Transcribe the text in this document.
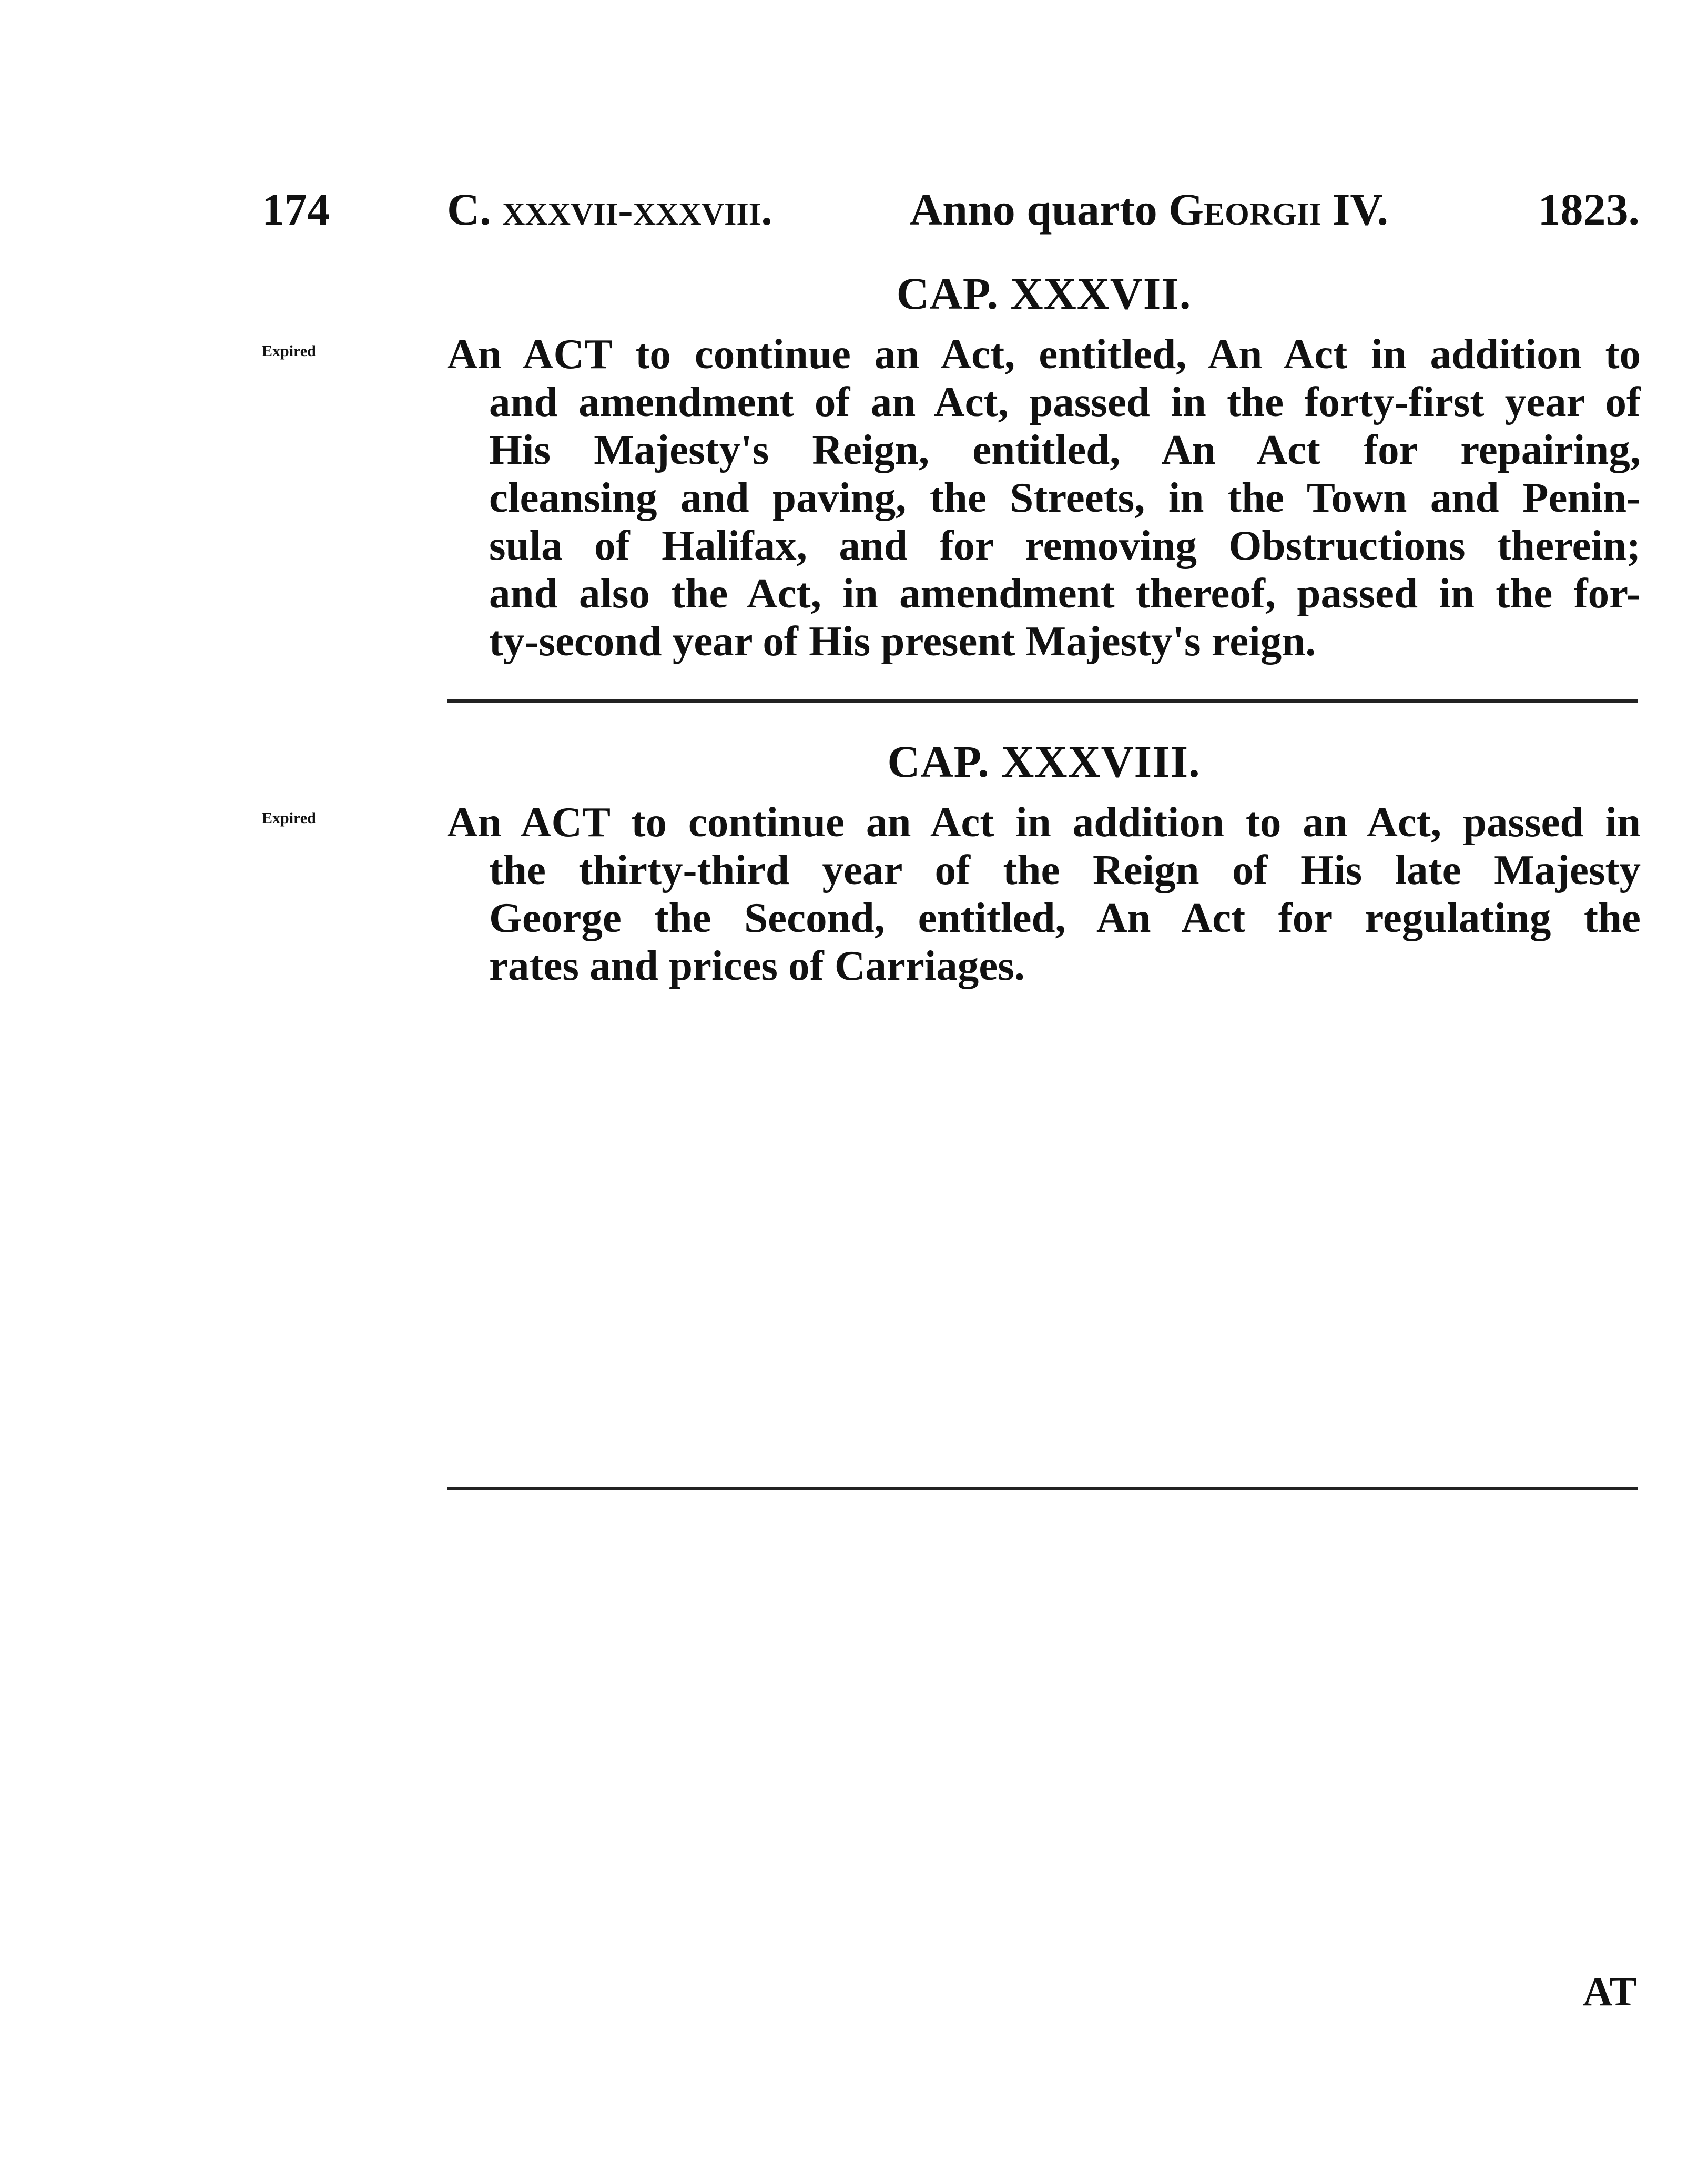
174	C. xxxvii-xxxviii.	Anno quarto Georgii IV.	1823.
CAP. XXXVII.
Expired	An ACT to continue an Act, entitled, An Act in addition to
and amendment of an Act, passed in the forty-first year of
His Majesty's Reign, entitled, An Act for repairing,
cleansing and paving, the Streets, in the Town and Penin-
sula of Halifax, and for removing Obstructions therein;
and also the Act, in amendment thereof, passed in the for-
ty-second year of His present Majesty's reign.
CAP. XXXVIII.
Expired	An ACT to continue an Act in addition to an Act, passed in
the thirty-third year of the Reign of His late Majesty
George the Second, entitled, An Act for regulating the
rates and prices of Carriages.
AT
